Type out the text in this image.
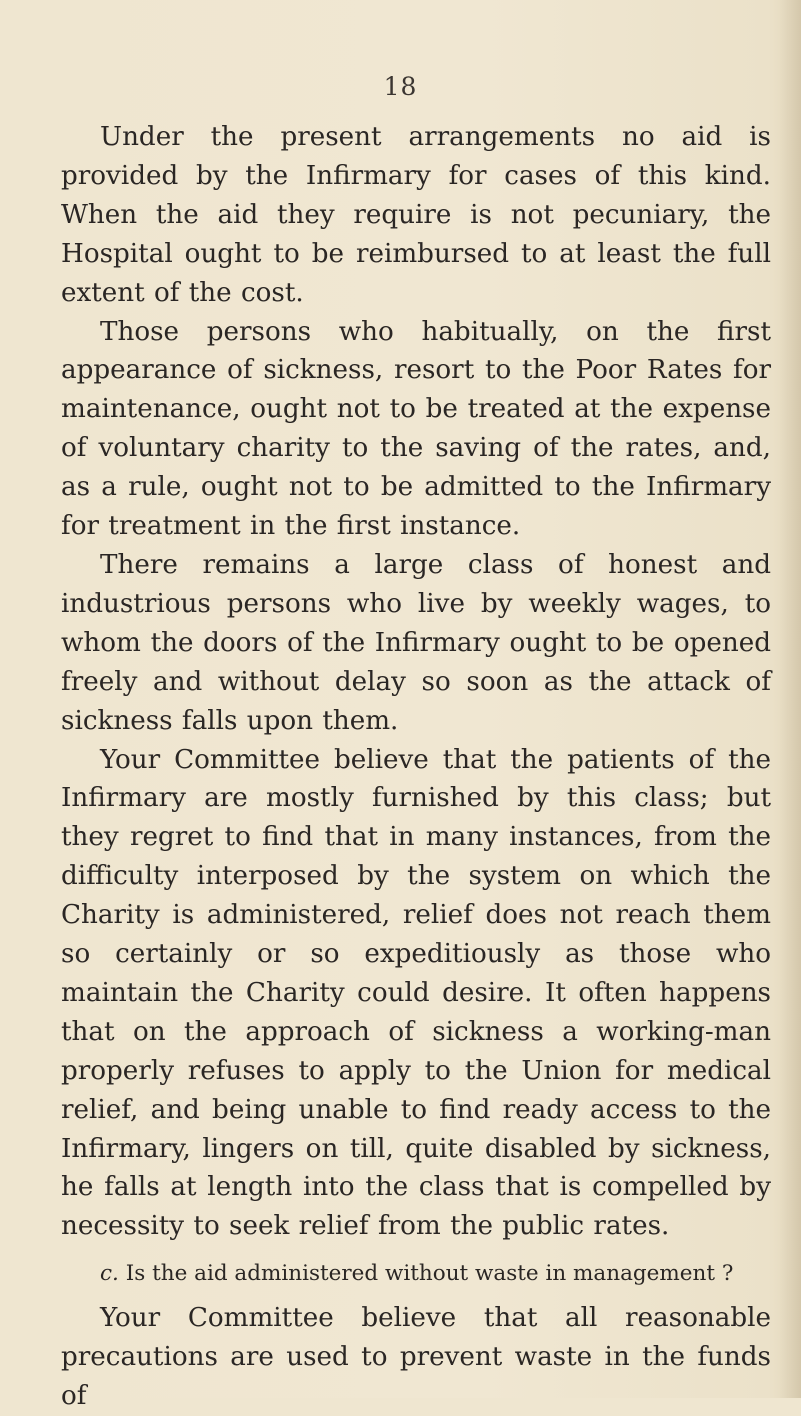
18

Under the present arrangements no aid is provided by the Infirmary for cases of this kind. When the aid they require is not pecuniary, the Hospital ought to be reimbursed to at least the full extent of the cost.

Those persons who habitually, on the first appearance of sickness, resort to the Poor Rates for maintenance, ought not to be treated at the expense of voluntary charity to the saving of the rates, and, as a rule, ought not to be admitted to the Infirmary for treatment in the first instance.

There remains a large class of honest and industrious persons who live by weekly wages, to whom the doors of the Infirmary ought to be opened freely and without delay so soon as the attack of sickness falls upon them.

Your Committee believe that the patients of the Infirmary are mostly furnished by this class; but they regret to find that in many instances, from the difficulty interposed by the system on which the Charity is administered, relief does not reach them so certainly or so expeditiously as those who maintain the Charity could desire. It often happens that on the approach of sickness a working-man properly refuses to apply to the Union for medical relief, and being unable to find ready access to the Infirmary, lingers on till, quite disabled by sickness, he falls at length into the class that is compelled by necessity to seek relief from the public rates.

c. Is the aid administered without waste in management ?

Your Committee believe that all reasonable precautions are used to prevent waste in the funds of
